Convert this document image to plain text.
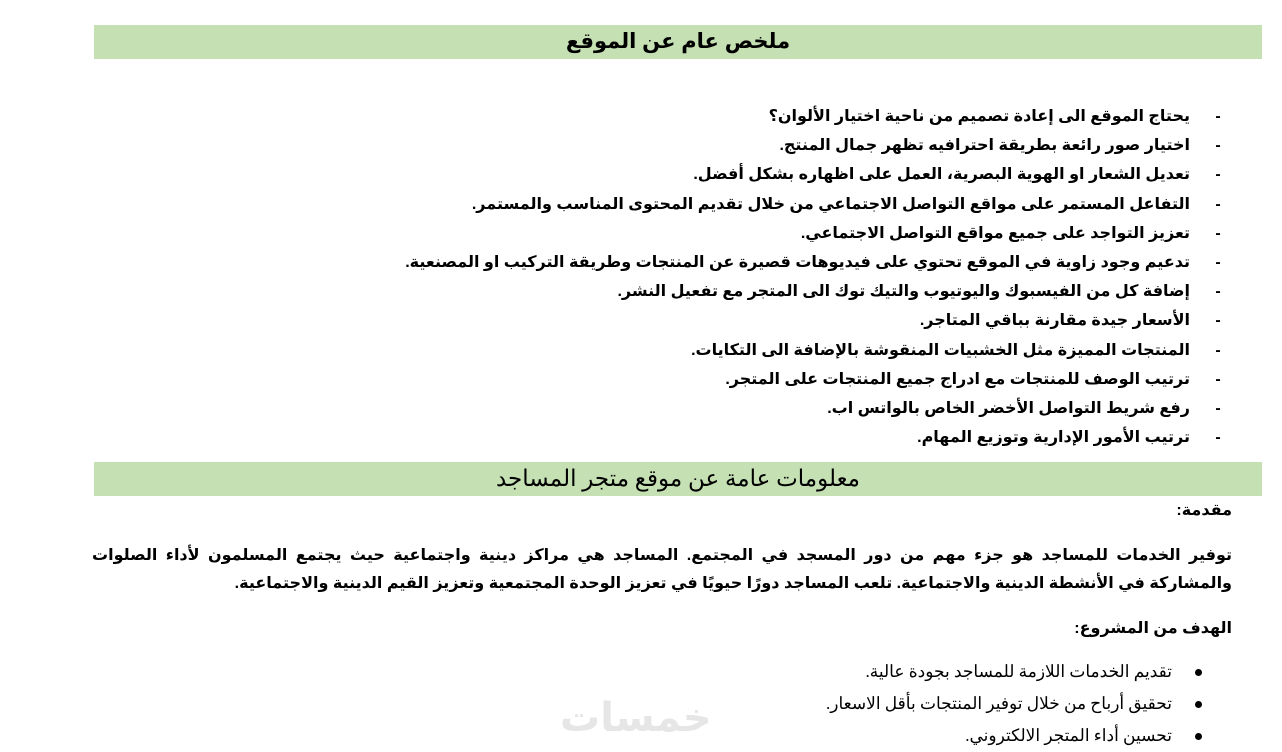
ملخص عام عن الموقع
-
يحتاج الموقع الى إعادة تصميم من ناحية اختيار الألوان؟
-
اختيار صور رائعة بطريقة احترافيه تظهر جمال المنتج.
-
تعديل الشعار او الهوية البصرية، العمل على اظهاره بشكل أفضل.
-
التفاعل المستمر على مواقع التواصل الاجتماعي من خلال تقديم المحتوى المناسب والمستمر.
-
تعزيز التواجد على جميع مواقع التواصل الاجتماعي.
-
تدعيم وجود زاوية في الموقع تحتوي على فيديوهات قصيرة عن المنتجات وطريقة التركيب او المصنعية.
-
إضافة كل من الفيسبوك واليوتيوب والتيك توك الى المتجر مع تفعيل النشر.
-
الأسعار جيدة مقارنة بباقي المتاجر.
-
المنتجات المميزة مثل الخشبيات المنقوشة بالإضافة الى التكايات.
-
ترتيب الوصف للمنتجات مع ادراج جميع المنتجات على المتجر.
-
رفع شريط التواصل الأخضر الخاص بالواتس اب.
-
ترتيب الأمور الإدارية وتوزيع المهام.
معلومات عامة عن موقع متجر المساجد
مقدمة:

توفير الخدمات للمساجد هو جزء مهم من دور المسجد في المجتمع. المساجد هي مراكز دينية واجتماعية حيث يجتمع المسلمون لأداء الصلوات والمشاركة في الأنشطة الدينية والاجتماعية. تلعب المساجد دورًا حيويًا في تعزيز الوحدة المجتمعية وتعزيز القيم الدينية والاجتماعية.

الهدف من المشروع:
تقديم الخدمات اللازمة للمساجد بجودة عالية.
تحقيق أرباح من خلال توفير المنتجات بأقل الاسعار.
تحسين أداء المتجر الالكتروني.
خمسات
